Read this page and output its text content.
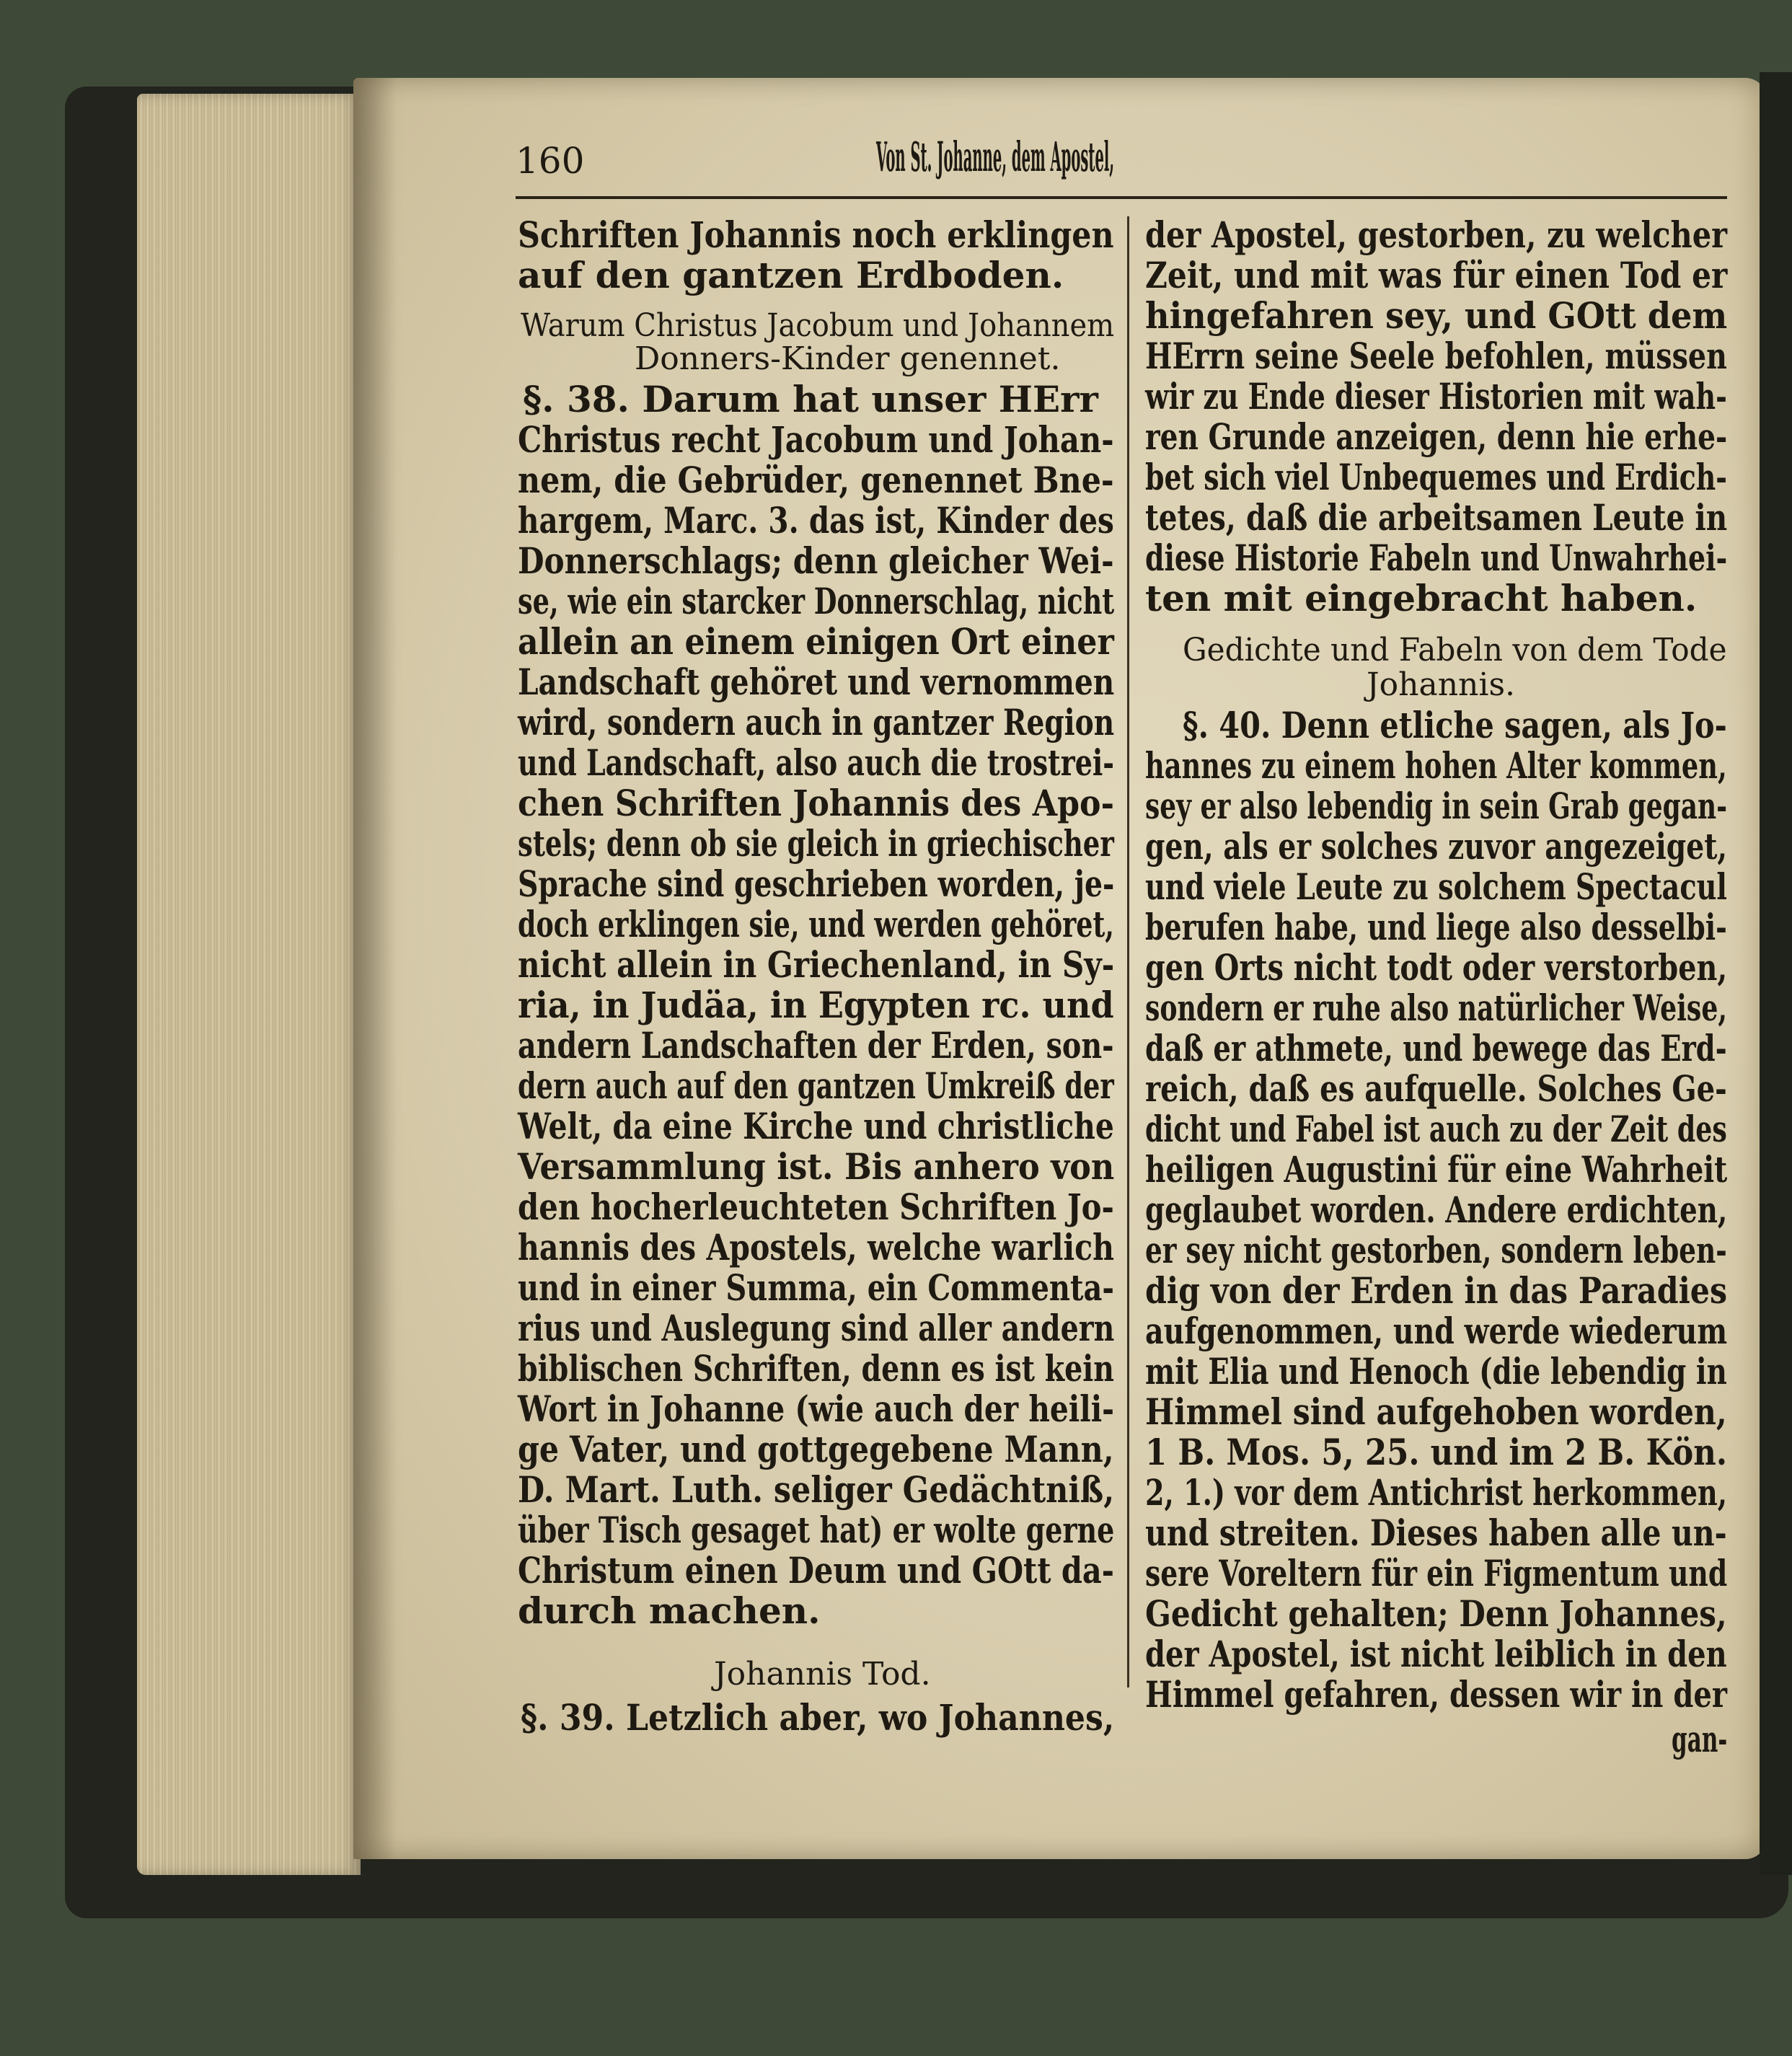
160	Von St. Johanne, dem Apostel,
Schriften Johannis noch erklingen
auf den gantzen Erdboden.
Warum Christus Jacobum und Johannem
Donners-Kinder genennet.
§. 38. Darum hat unser HErr
Christus recht Jacobum und Johan-
nem, die Gebrüder, genennet Bne-
hargem, Marc. 3. das ist, Kinder des
Donnerschlags; denn gleicher Wei-
se, wie ein starcker Donnerschlag, nicht
allein an einem einigen Ort einer
Landschaft gehöret und vernommen
wird, sondern auch in gantzer Region
und Landschaft, also auch die trostrei-
chen Schriften Johannis des Apo-
stels; denn ob sie gleich in griechischer
Sprache sind geschrieben worden, je-
doch erklingen sie, und werden gehöret,
nicht allein in Griechenland, in Sy-
ria, in Judäa, in Egypten rc. und
andern Landschaften der Erden, son-
dern auch auf den gantzen Umkreiß der
Welt, da eine Kirche und christliche
Versammlung ist. Bis anhero von
den hocherleuchteten Schriften Jo-
hannis des Apostels, welche warlich
und in einer Summa, ein Commenta-
rius und Auslegung sind aller andern
biblischen Schriften, denn es ist kein
Wort in Johanne (wie auch der heili-
ge Vater, und gottgegebene Mann,
D. Mart. Luth. seliger Gedächtniß,
über Tisch gesaget hat) er wolte gerne
Christum einen Deum und GOtt da-
durch machen.
Johannis Tod.
§. 39. Letzlich aber, wo Johannes,
der Apostel, gestorben, zu welcher
Zeit, und mit was für einen Tod er
hingefahren sey, und GOtt dem
HErrn seine Seele befohlen, müssen
wir zu Ende dieser Historien mit wah-
ren Grunde anzeigen, denn hie erhe-
bet sich viel Unbequemes und Erdich-
tetes, daß die arbeitsamen Leute in
diese Historie Fabeln und Unwahrhei-
ten mit eingebracht haben.
Gedichte und Fabeln von dem Tode
Johannis.
§. 40. Denn etliche sagen, als Jo-
hannes zu einem hohen Alter kommen,
sey er also lebendig in sein Grab gegan-
gen, als er solches zuvor angezeiget,
und viele Leute zu solchem Spectacul
berufen habe, und liege also desselbi-
gen Orts nicht todt oder verstorben,
sondern er ruhe also natürlicher Weise,
daß er athmete, und bewege das Erd-
reich, daß es aufquelle. Solches Ge-
dicht und Fabel ist auch zu der Zeit des
heiligen Augustini für eine Wahrheit
geglaubet worden. Andere erdichten,
er sey nicht gestorben, sondern leben-
dig von der Erden in das Paradies
aufgenommen, und werde wiederum
mit Elia und Henoch (die lebendig in
Himmel sind aufgehoben worden,
1 B. Mos. 5, 25. und im 2 B. Kön.
2, 1.) vor dem Antichrist herkommen,
und streiten. Dieses haben alle un-
sere Voreltern für ein Figmentum und
Gedicht gehalten; Denn Johannes,
der Apostel, ist nicht leiblich in den
Himmel gefahren, dessen wir in der
gan-
